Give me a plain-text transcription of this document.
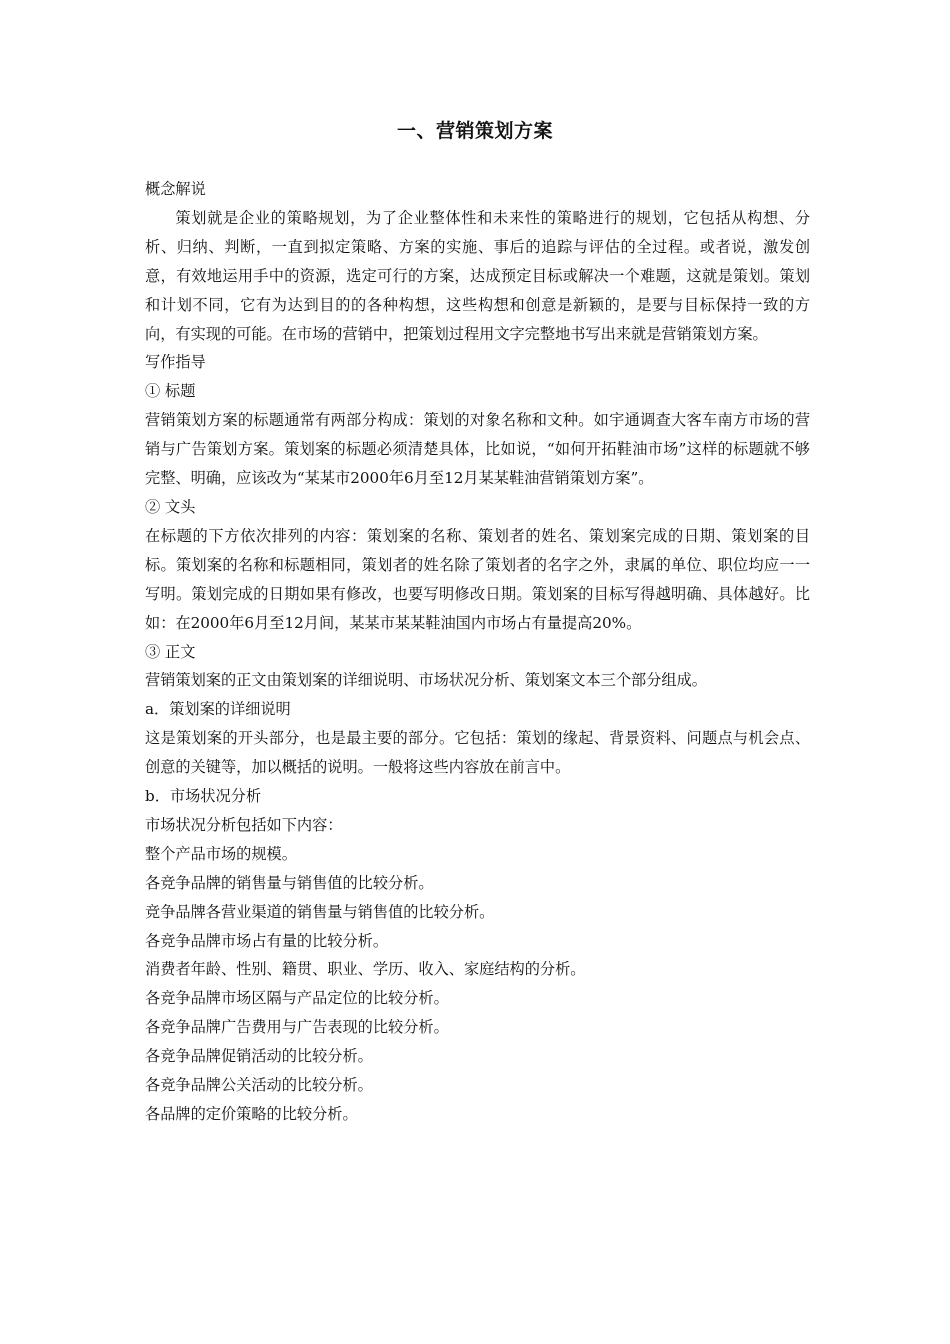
一、营销策划方案
概念解说
策划就是企业的策略规划，为了企业整体性和未来性的策略进行的规划，它包括从构想、分析、归纳、判断，一直到拟定策略、方案的实施、事后的追踪与评估的全过程。或者说，激发创意，有效地运用手中的资源，选定可行的方案，达成预定目标或解决一个难题，这就是策划。策划和计划不同，它有为达到目的的各种构想，这些构想和创意是新颖的，是要与目标保持一致的方向，有实现的可能。在市场的营销中，把策划过程用文字完整地书写出来就是营销策划方案。
写作指导
① 标题
营销策划方案的标题通常有两部分构成：策划的对象名称和文种。如宇通调查大客车南方市场的营销与广告策划方案。策划案的标题必须清楚具体，比如说，“如何开拓鞋油市场”这样的标题就不够完整、明确，应该改为“某某市2000年6月至12月某某鞋油营销策划方案”。
② 文头
在标题的下方依次排列的内容：策划案的名称、策划者的姓名、策划案完成的日期、策划案的目标。策划案的名称和标题相同，策划者的姓名除了策划者的名字之外，隶属的单位、职位均应一一写明。策划完成的日期如果有修改，也要写明修改日期。策划案的目标写得越明确、具体越好。比如：在2000年6月至12月间，某某市某某鞋油国内市场占有量提高20%。
③ 正文
营销策划案的正文由策划案的详细说明、市场状况分析、策划案文本三个部分组成。
a．策划案的详细说明
这是策划案的开头部分，也是最主要的部分。它包括：策划的缘起、背景资料、问题点与机会点、创意的关键等，加以概括的说明。一般将这些内容放在前言中。
b．市场状况分析
市场状况分析包括如下内容：
整个产品市场的规模。
各竞争品牌的销售量与销售值的比较分析。
竞争品牌各营业渠道的销售量与销售值的比较分析。
各竞争品牌市场占有量的比较分析。
消费者年龄、性别、籍贯、职业、学历、收入、家庭结构的分析。
各竞争品牌市场区隔与产品定位的比较分析。
各竞争品牌广告费用与广告表现的比较分析。
各竞争品牌促销活动的比较分析。
各竞争品牌公关活动的比较分析。
各品牌的定价策略的比较分析。
